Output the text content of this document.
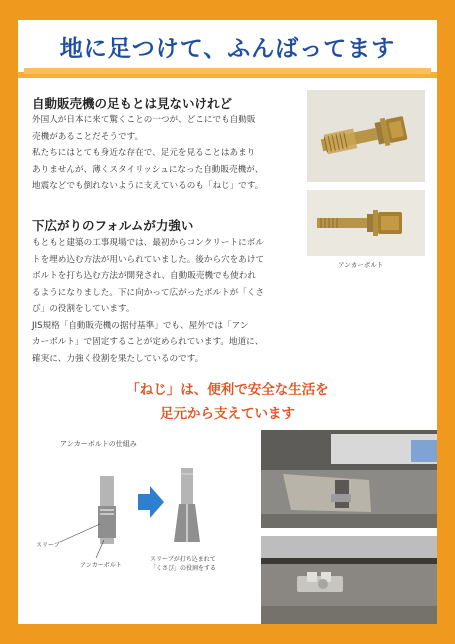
地に足つけて、ふんばってます
自動販売機の足もとは見ないけれど

外国人が日本に来て驚くことの一つが、どこにでも自動販

売機があることだそうです。

私たちにはとても身近な存在で、足元を見ることはあまり

ありませんが、薄くスタイリッシュになった自動販売機が、

地震などでも倒れないように支えているのも「ねじ」です。

下広がりのフォルムが力強い

もともと建築の工事現場では、最初からコンクリートにボル

トを埋め込む方法が用いられていました。後から穴をあけて

ボルトを打ち込む方法が開発され、自動販売機でも使われ

るようになりました。下に向かって広がったボルトが「くさ

び」の役割をしています。

JIS規格「自動販売機の据付基準」でも、屋外では「アン

カーボルト」で固定することが定められています。地道に、

確実に、力強く役割を果たしているのです。

アンカーボルト
「ねじ」は、便利で安全な生活を
足元から支えています
アンカーボルトの仕組み
スリーブ
アンカーボルト
スリーブが打ち込まれて
「くさび」の役割をする
